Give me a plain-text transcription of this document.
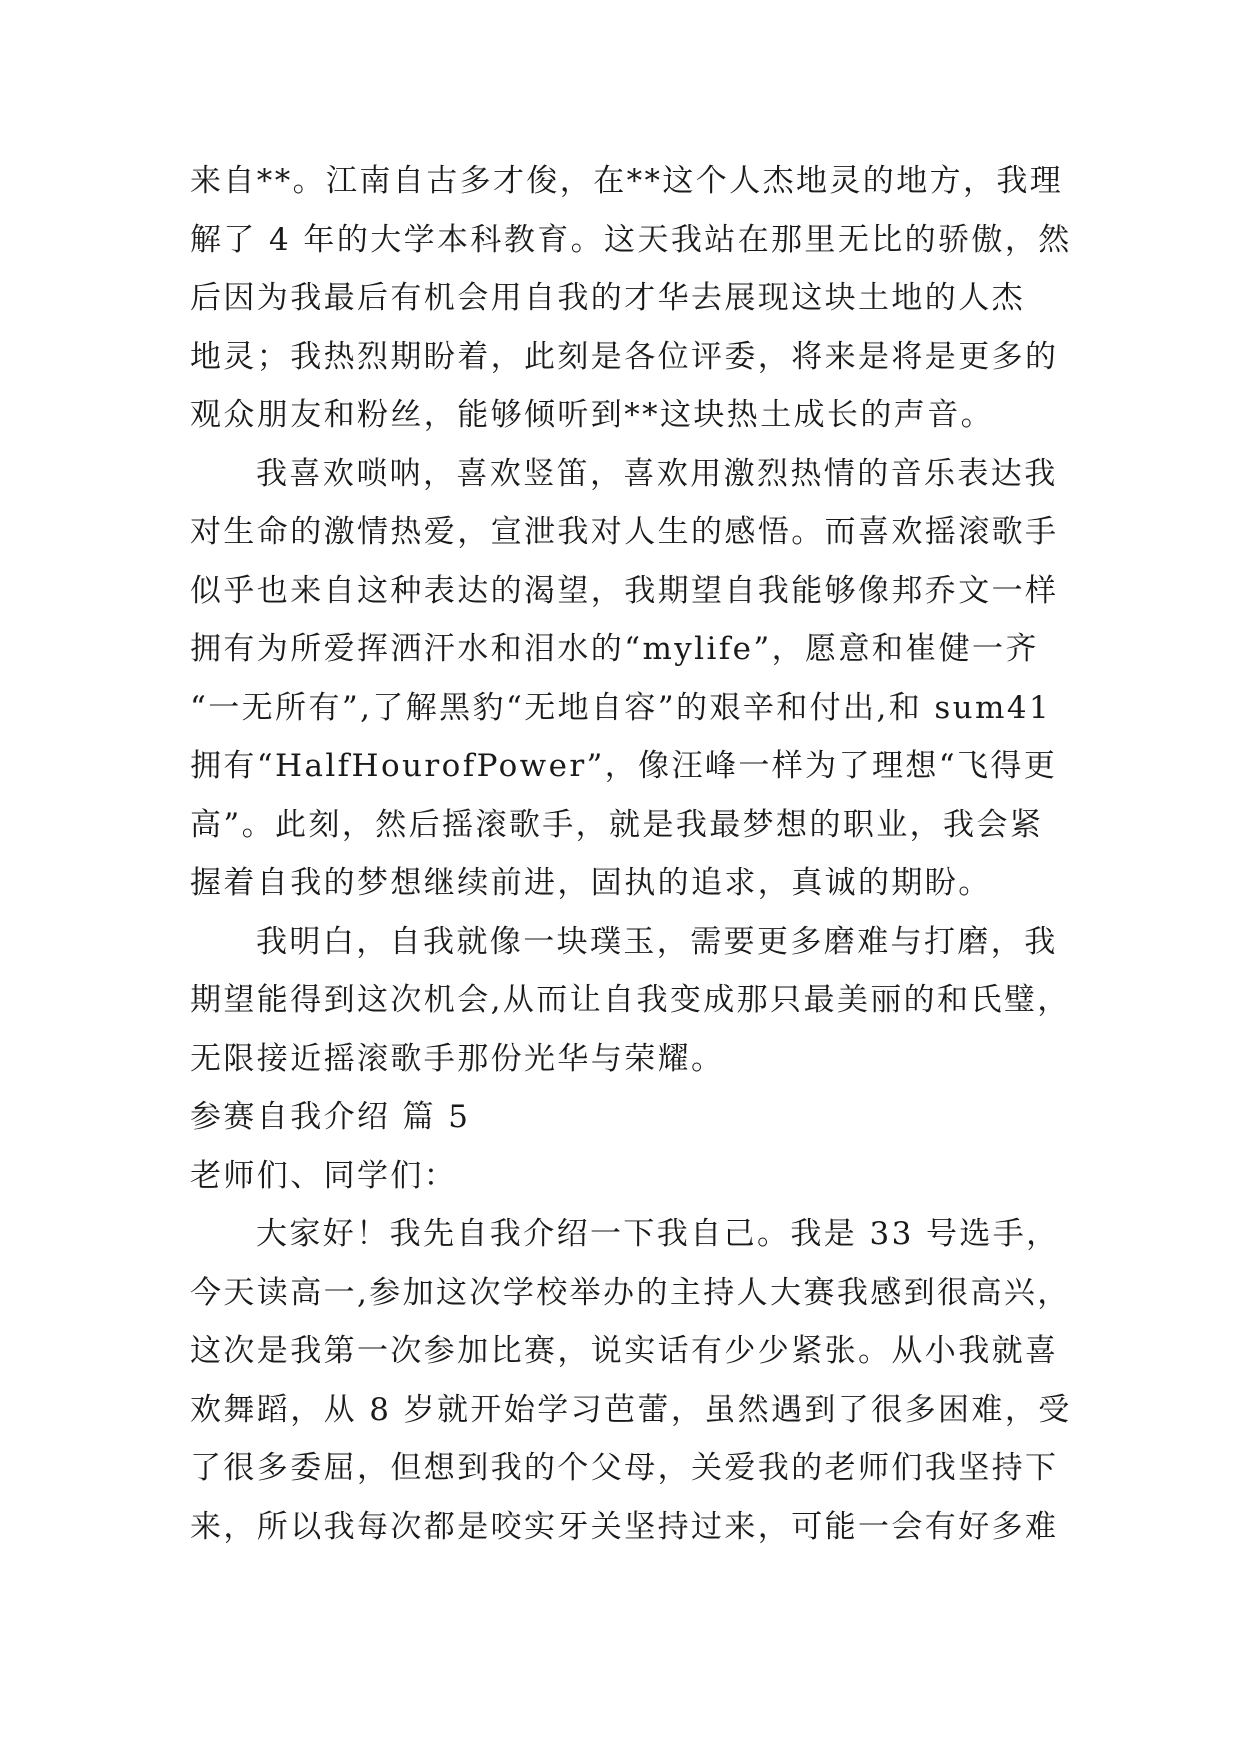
来自**。江南自古多才俊，在**这个人杰地灵的地方，我理
解了 4 年的大学本科教育。这天我站在那里无比的骄傲，然
后因为我最后有机会用自我的才华去展现这块土地的人杰
地灵；我热烈期盼着，此刻是各位评委，将来是将是更多的
观众朋友和粉丝，能够倾听到**这块热土成长的声音。
我喜欢唢呐，喜欢竖笛，喜欢用激烈热情的音乐表达我
对生命的激情热爱，宣泄我对人生的感悟。而喜欢摇滚歌手
似乎也来自这种表达的渴望，我期望自我能够像邦乔文一样
拥有为所爱挥洒汗水和泪水的“mylife”，愿意和崔健一齐
“一无所有”,了解黑豹“无地自容”的艰辛和付出,和 sum41
拥有“HalfHourofPower”，像汪峰一样为了理想“飞得更
高”。此刻，然后摇滚歌手，就是我最梦想的职业，我会紧
握着自我的梦想继续前进，固执的追求，真诚的期盼。
我明白，自我就像一块璞玉，需要更多磨难与打磨，我
期望能得到这次机会,从而让自我变成那只最美丽的和氏璧，
无限接近摇滚歌手那份光华与荣耀。
参赛自我介绍 篇 5
老师们、同学们：
大家好！我先自我介绍一下我自己。我是 33 号选手，
今天读高一,参加这次学校举办的主持人大赛我感到很高兴，
这次是我第一次参加比赛，说实话有少少紧张。从小我就喜
欢舞蹈，从 8 岁就开始学习芭蕾，虽然遇到了很多困难，受
了很多委屈，但想到我的个父母，关爱我的老师们我坚持下
来，所以我每次都是咬实牙关坚持过来，可能一会有好多难
